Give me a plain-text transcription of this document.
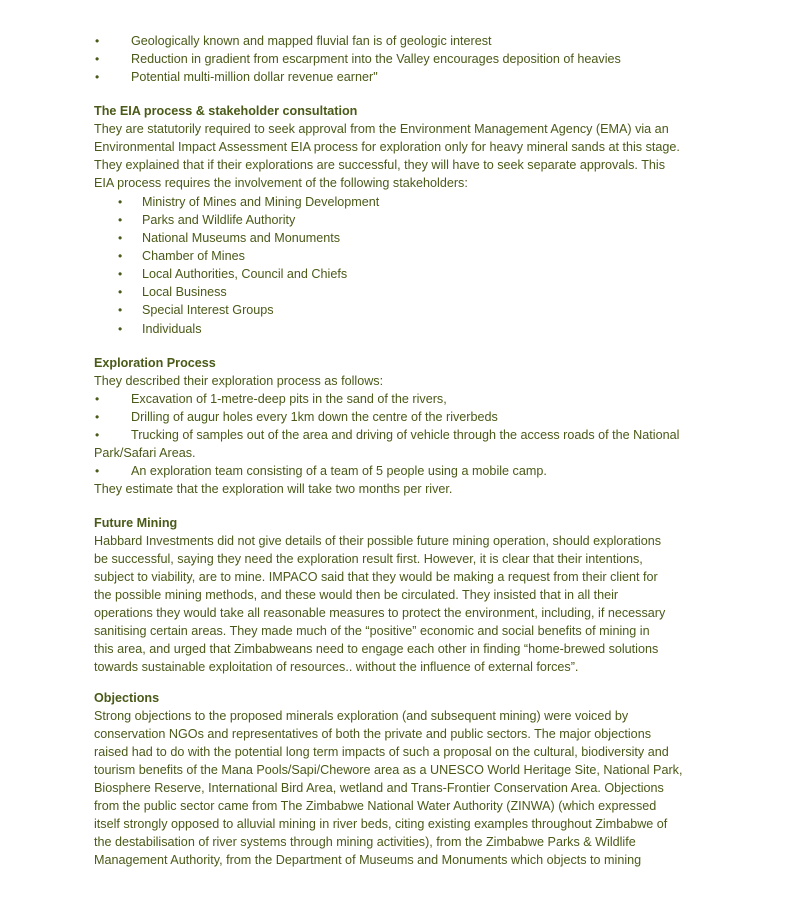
•	Geologically known and mapped fluvial fan is of geologic interest
•	Reduction in gradient from escarpment into the Valley encourages deposition of heavies
•	Potential multi-million dollar revenue earner"
The EIA process & stakeholder consultation
They are statutorily required to seek approval from the Environment Management Agency (EMA) via an
Environmental Impact Assessment EIA process for exploration only for heavy mineral sands at this stage.
They explained that if their explorations are successful, they will have to seek separate approvals. This
EIA process requires the involvement of the following stakeholders:
• Ministry of Mines and Mining Development
• Parks and Wildlife Authority
• National Museums and Monuments
• Chamber of Mines
• Local Authorities, Council and Chiefs
• Local Business
• Special Interest Groups
• Individuals
Exploration Process
They described their exploration process as follows:
•	Excavation of 1-metre-deep pits in the sand of the rivers,
•	Drilling of augur holes every 1km down the centre of the riverbeds
•	Trucking of samples out of the area and driving of vehicle through the access roads of the National
Park/Safari Areas.
•	An exploration team consisting of a team of 5 people using a mobile camp.
They estimate that the exploration will take two months per river.
Future Mining
Habbard Investments did not give details of their possible future mining operation, should explorations
be successful, saying they need the exploration result first. However, it is clear that their intentions,
subject to viability, are to mine. IMPACO said that they would be making a request from their client for
the possible mining methods, and these would then be circulated. They insisted that in all their
operations they would take all reasonable measures to protect the environment, including, if necessary
sanitising certain areas. They made much of the “positive” economic and social benefits of mining in
this area, and urged that Zimbabweans need to engage each other in finding “home-brewed solutions
towards sustainable exploitation of resources.. without the influence of external forces”.
Objections
Strong objections to the proposed minerals exploration (and subsequent mining) were voiced by
conservation NGOs and representatives of both the private and public sectors. The major objections
raised had to do with the potential long term impacts of such a proposal on the cultural, biodiversity and
tourism benefits of the Mana Pools/Sapi/Chewore area as a UNESCO World Heritage Site, National Park,
Biosphere Reserve, International Bird Area, wetland and Trans-Frontier Conservation Area. Objections
from the public sector came from The Zimbabwe National Water Authority (ZINWA) (which expressed
itself strongly opposed to alluvial mining in river beds, citing existing examples throughout Zimbabwe of
the destabilisation of river systems through mining activities), from the Zimbabwe Parks & Wildlife
Management Authority, from the Department of Museums and Monuments which objects to mining
